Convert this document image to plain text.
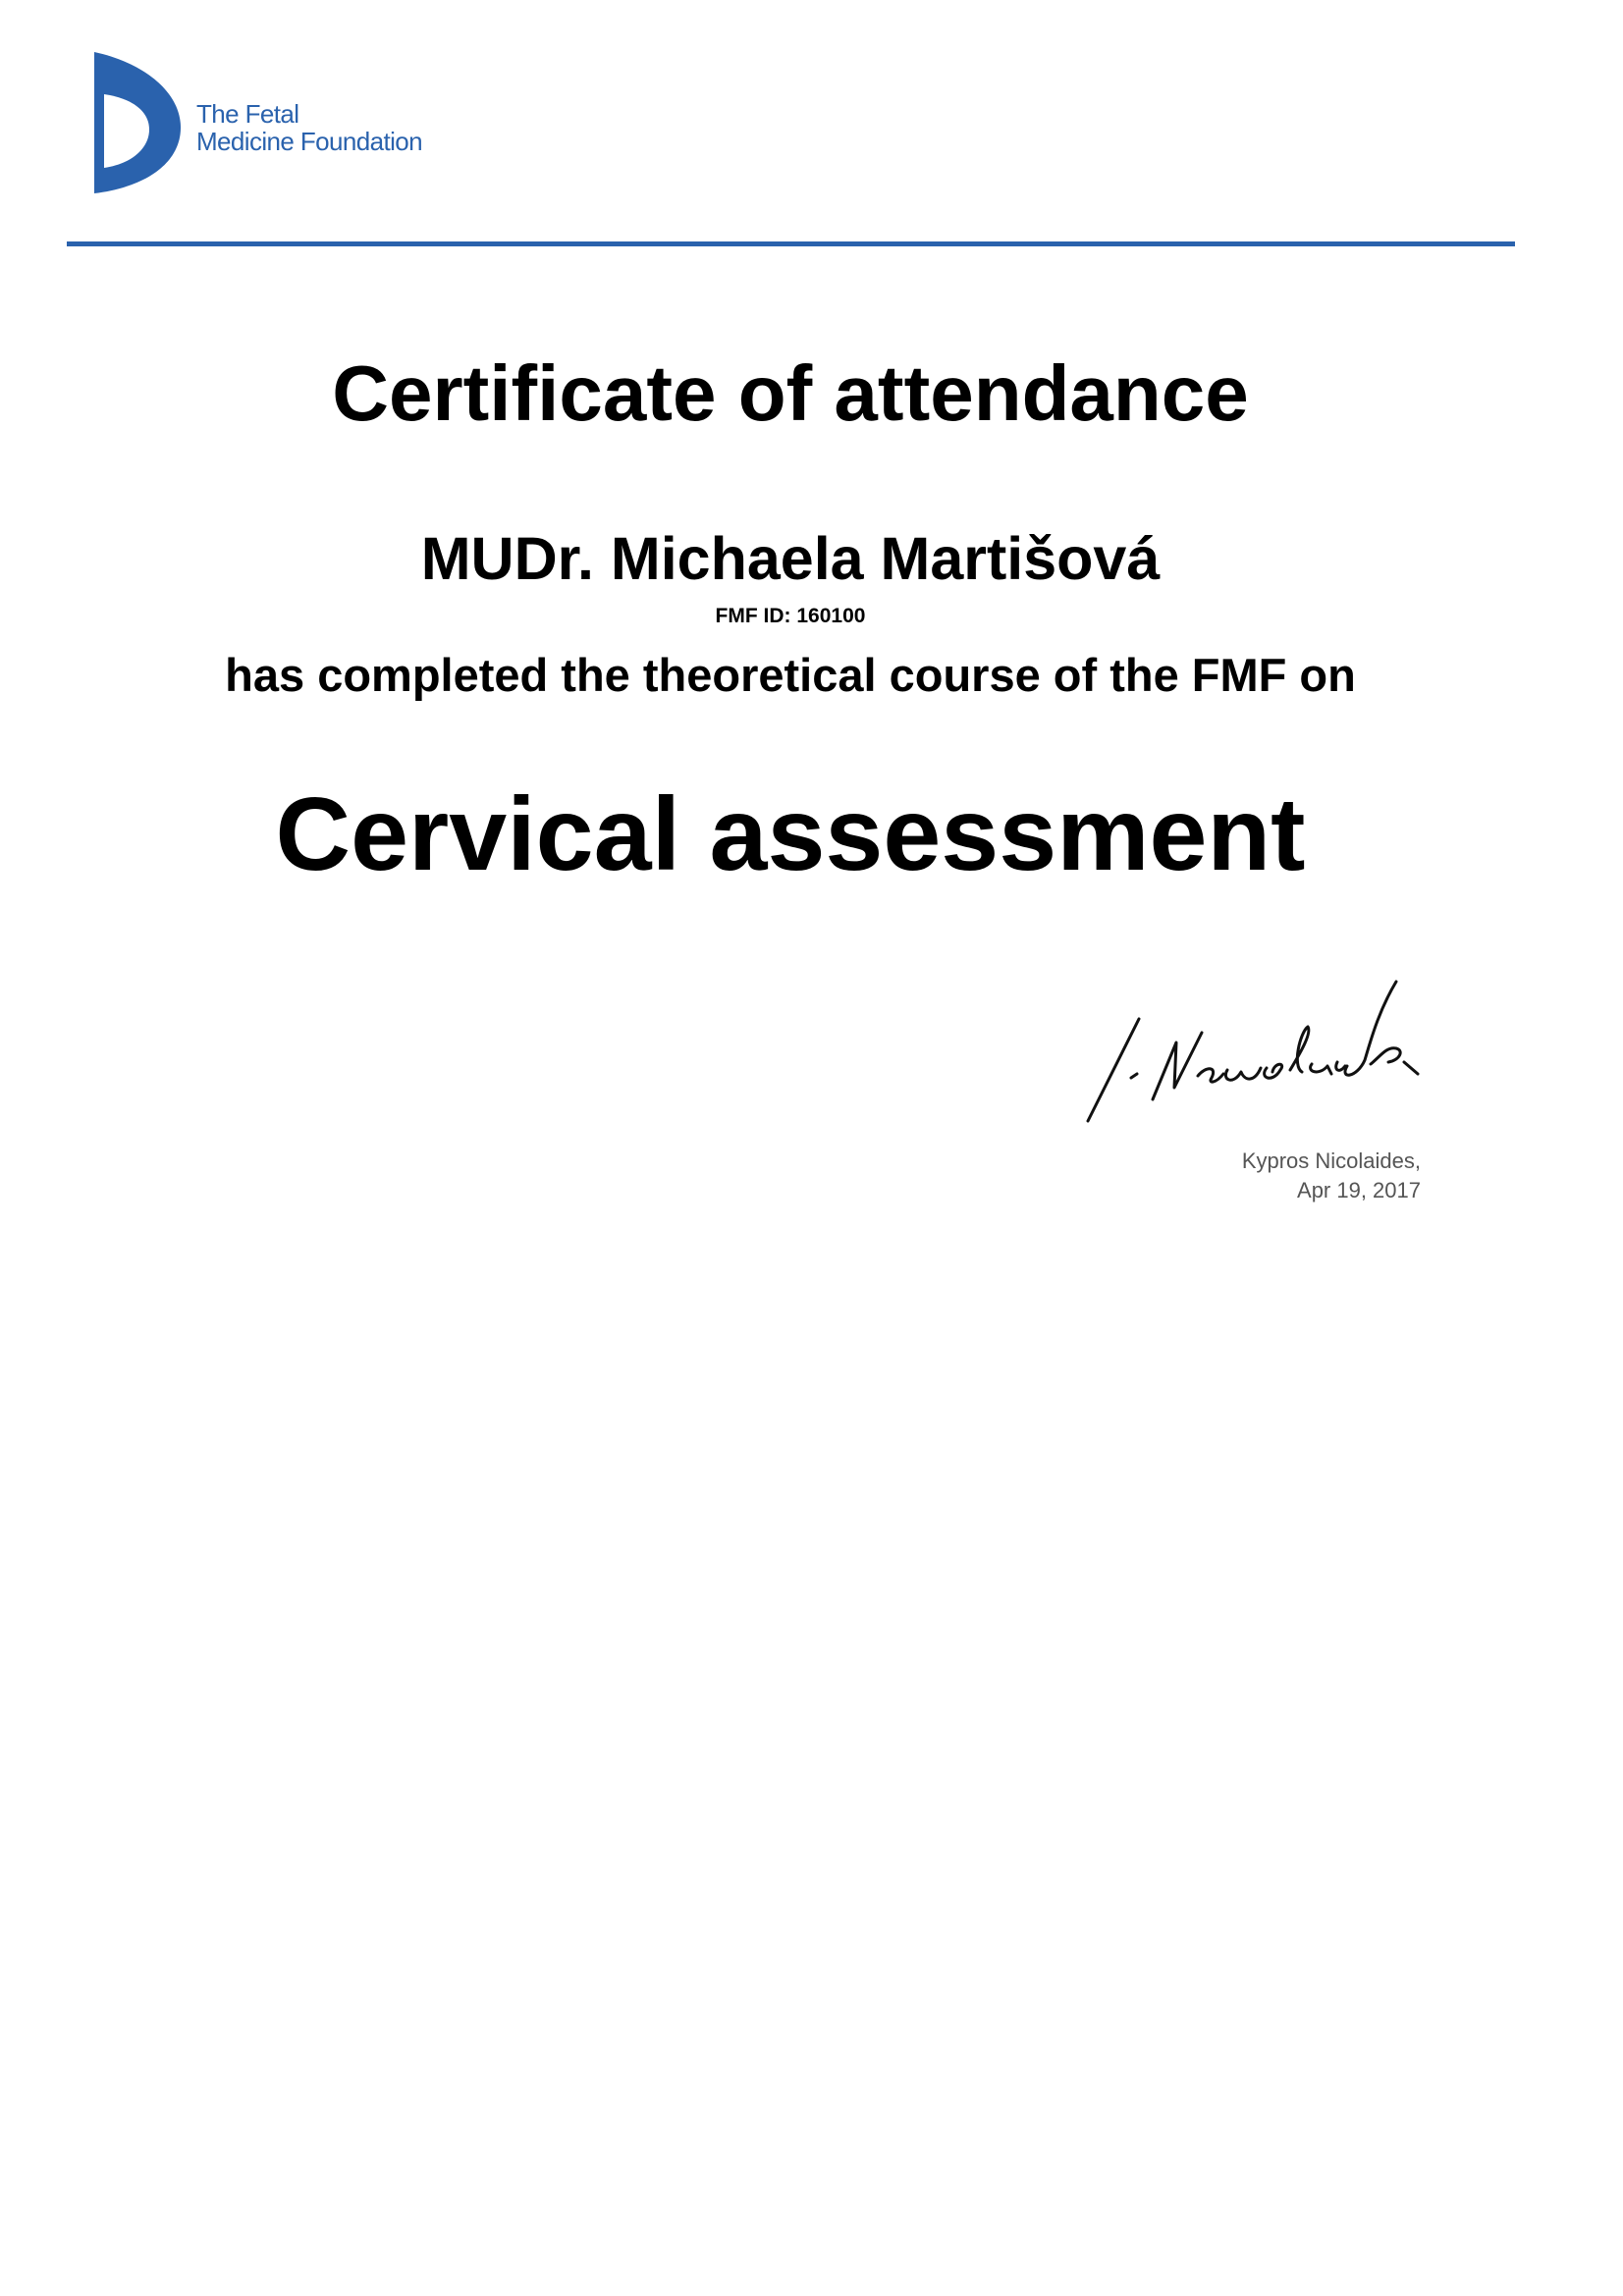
The Fetal
Medicine Foundation
Certificate of attendance
MUDr. Michaela Martišová
FMF ID: 160100
has completed the theoretical course of the FMF on
Cervical assessment
Kypros Nicolaides,
Apr 19, 2017
